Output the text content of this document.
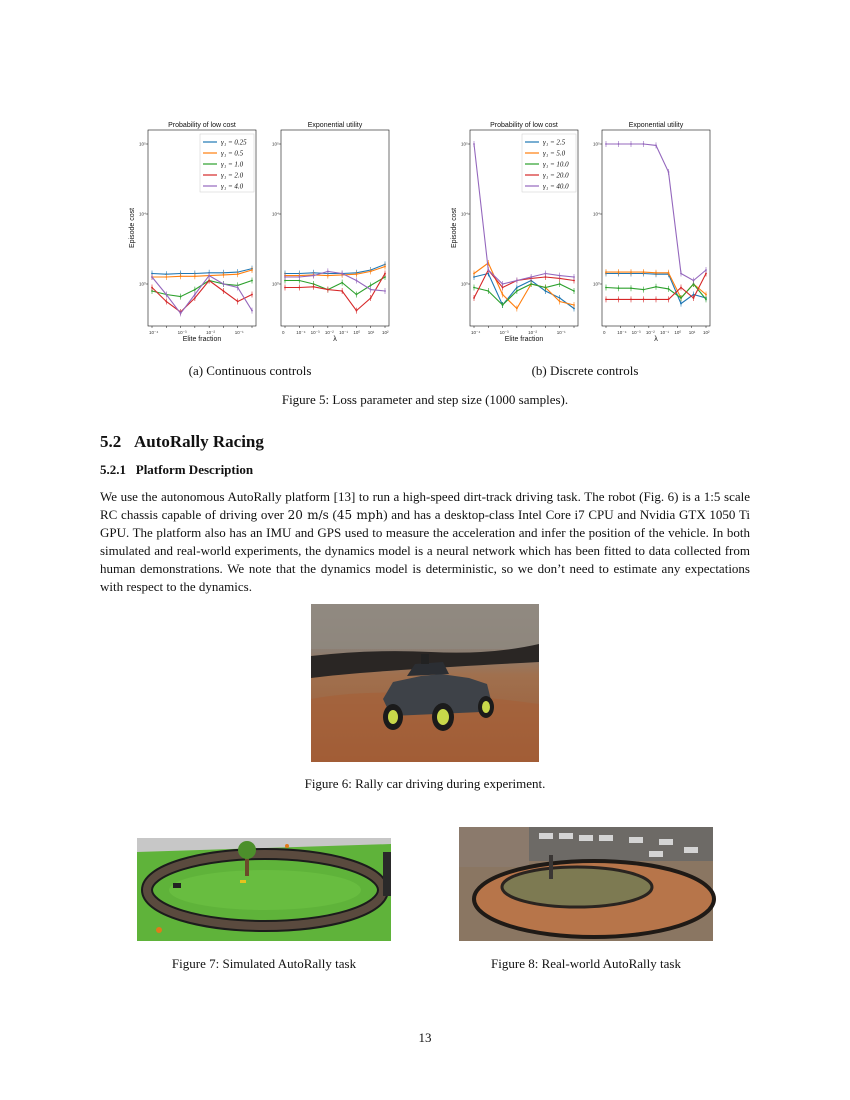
Probability of low cost
10⁵
10⁴
10³
10⁻⁴	10⁻³	10⁻²	10⁻¹
Elite fraction
Episode cost
γ₁ = 0.25
γ₁ = 0.5
γ₁ = 1.0
γ₁ = 2.0
γ₁ = 4.0
Exponential utility
10⁵
10⁴
10³
0	10⁻⁴ 10⁻³ 10⁻² 10⁻¹ 10⁰ 10¹ 10²
λ
Probability of low cost
10⁵
10⁴
10³
10⁻⁴	10⁻³	10⁻²	10⁻¹
Elite fraction
Episode cost
γ₁ = 2.5
γ₁ = 5.0
γ₁ = 10.0
γ₁ = 20.0
γ₁ = 40.0
Exponential utility
10⁵
10⁴
10³
0	10⁻⁴ 10⁻³ 10⁻² 10⁻¹ 10⁰ 10¹ 10²
λ
(a) Continuous controls	(b) Discrete controls
Figure 5: Loss parameter and step size (1000 samples).
5.2 AutoRally Racing
5.2.1 Platform Description
We use the autonomous AutoRally platform [13] to run a high-speed dirt-track driving task. The robot (Fig. 6) is a 1:5 scale RC chassis capable of driving over 20 m/s (45 mph) and has a desktop-class Intel Core i7 CPU and Nvidia GTX 1050 Ti GPU. The platform also has an IMU and GPS used to measure the acceleration and infer the position of the vehicle. In both simulated and real-world experiments, the dynamics model is a neural network which has been fitted to data collected from human demonstrations. We note that the dynamics model is deterministic, so we don’t need to estimate any expectations with respect to the dynamics.
Figure 6: Rally car driving during experiment.
Figure 7: Simulated AutoRally task	Figure 8: Real-world AutoRally task
13
